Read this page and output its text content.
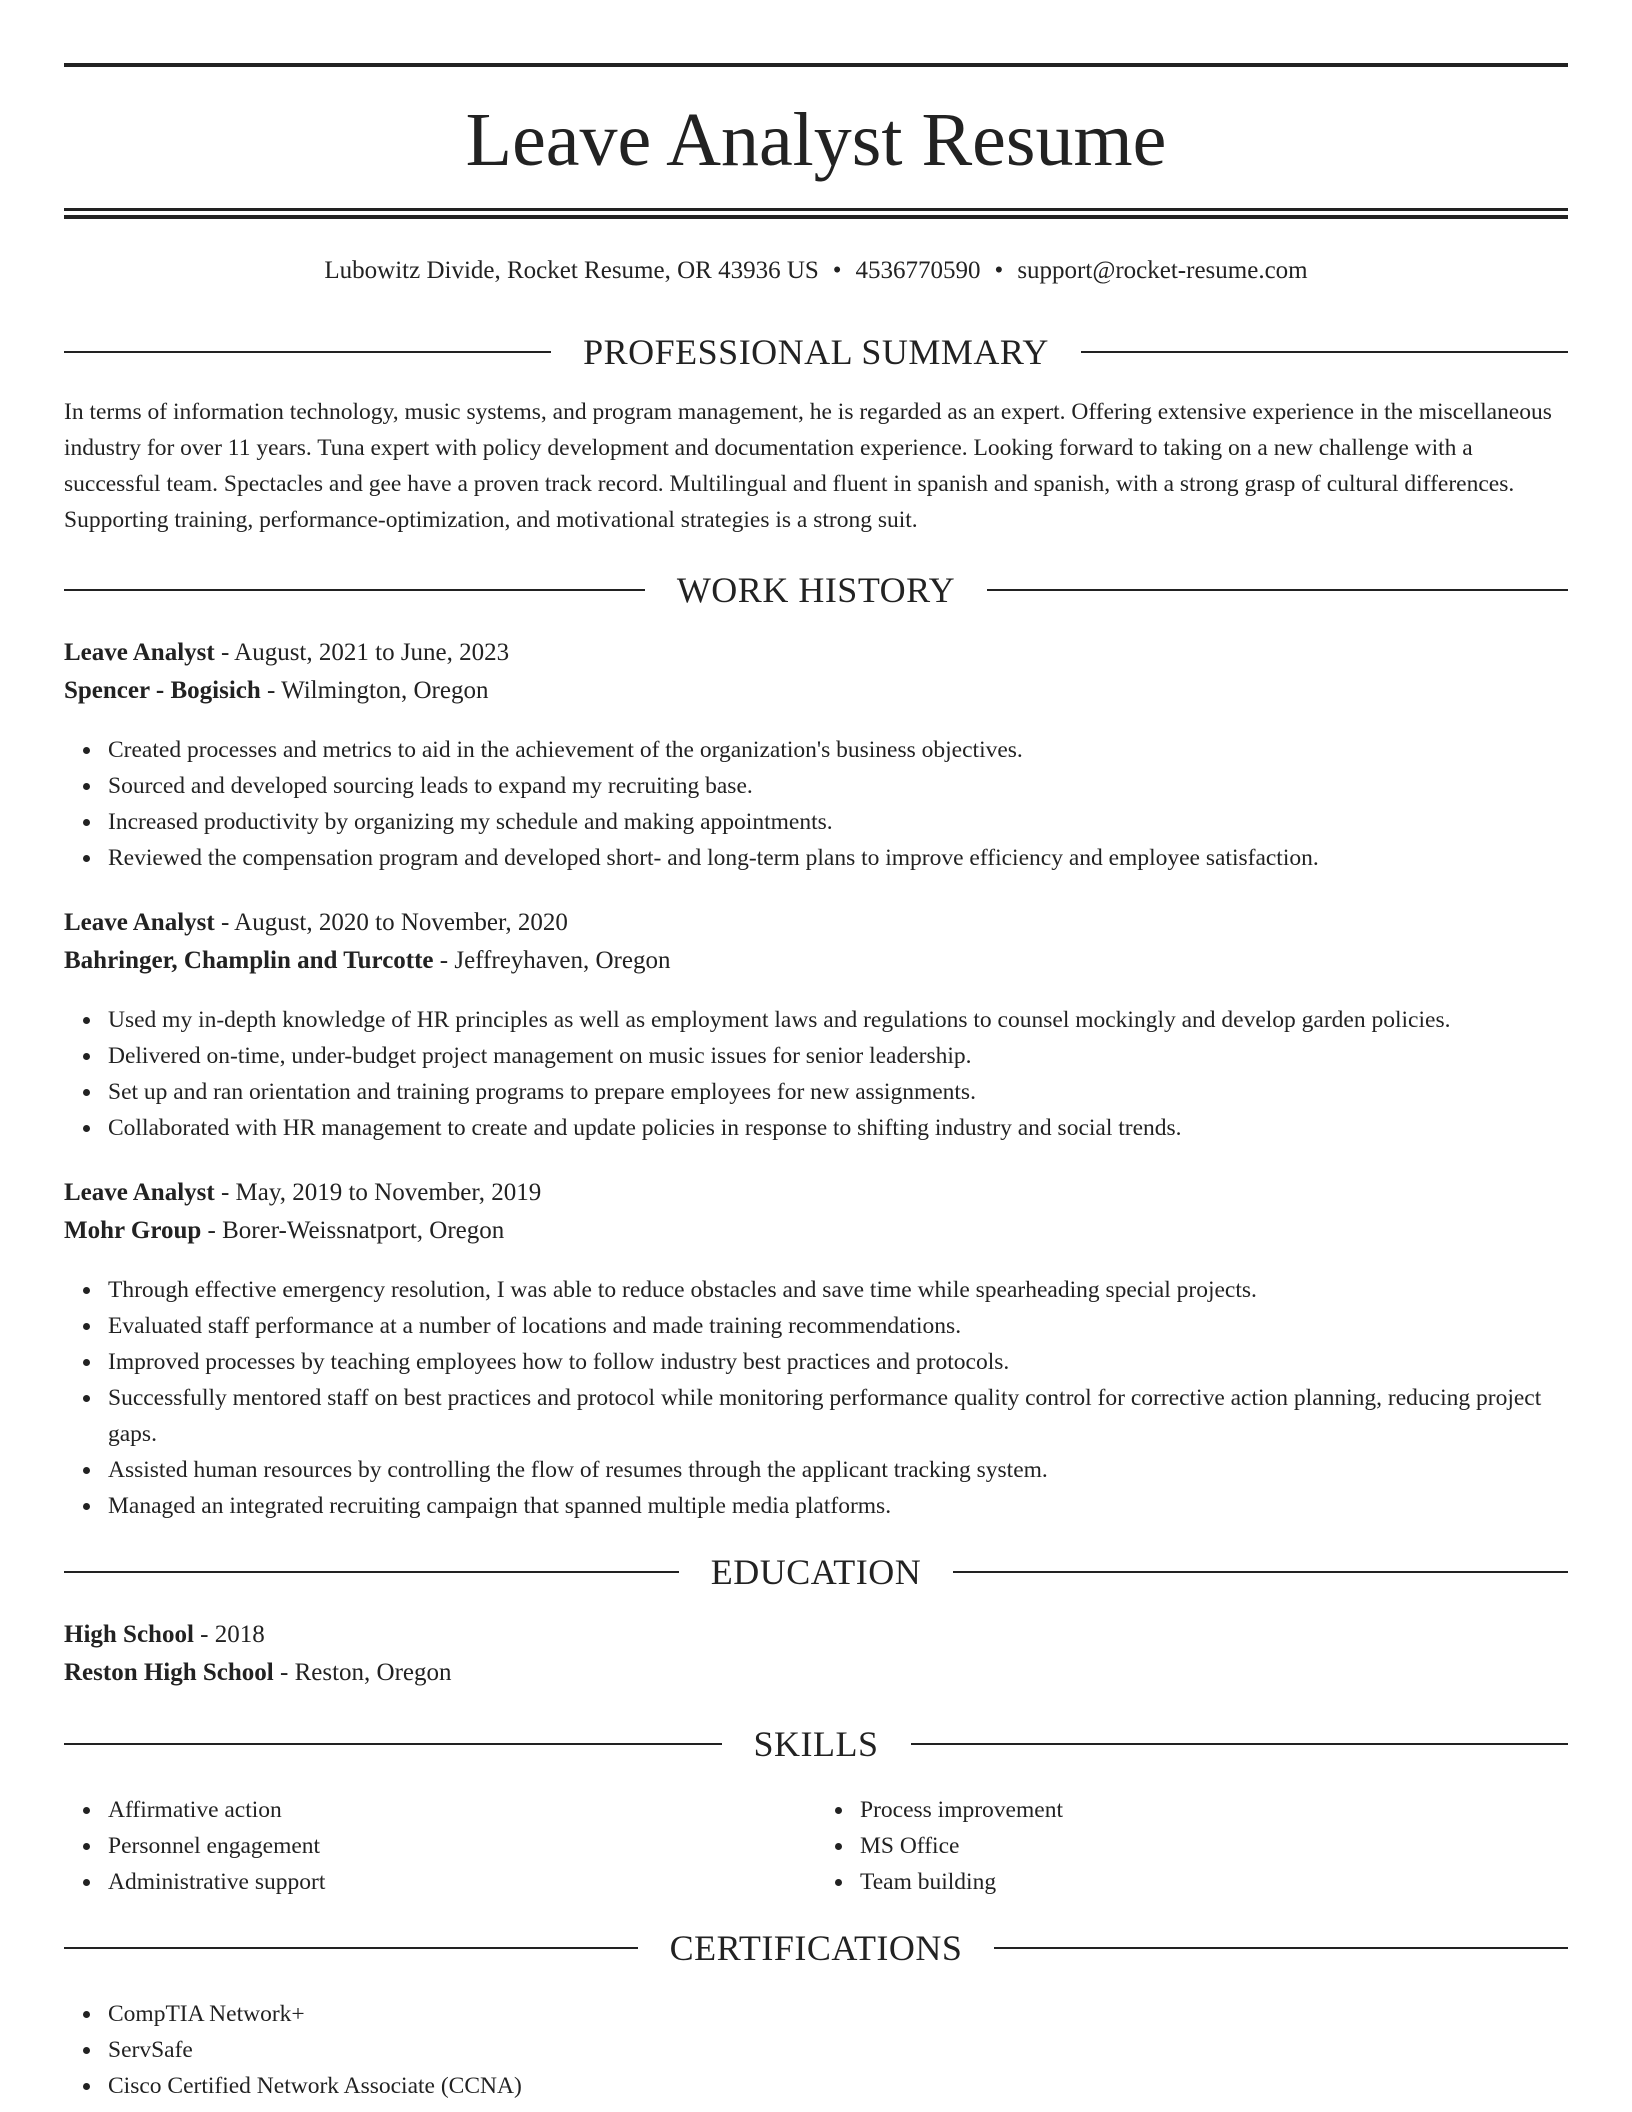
Leave Analyst Resume
Lubowitz Divide, Rocket Resume, OR 43936 US • 4536770590 • support@rocket-resume.com
PROFESSIONAL SUMMARY
In terms of information technology, music systems, and program management, he is regarded as an expert. Offering extensive experience in the miscellaneous industry for over 11 years. Tuna expert with policy development and documentation experience. Looking forward to taking on a new challenge with a successful team. Spectacles and gee have a proven track record. Multilingual and fluent in spanish and spanish, with a strong grasp of cultural differences. Supporting training, performance-optimization, and motivational strategies is a strong suit.
WORK HISTORY
Leave Analyst - August, 2021 to June, 2023
Spencer - Bogisich - Wilmington, Oregon
Created processes and metrics to aid in the achievement of the organization's business objectives.
Sourced and developed sourcing leads to expand my recruiting base.
Increased productivity by organizing my schedule and making appointments.
Reviewed the compensation program and developed short- and long-term plans to improve efficiency and employee satisfaction.
Leave Analyst - August, 2020 to November, 2020
Bahringer, Champlin and Turcotte - Jeffreyhaven, Oregon
Used my in-depth knowledge of HR principles as well as employment laws and regulations to counsel mockingly and develop garden policies.
Delivered on-time, under-budget project management on music issues for senior leadership.
Set up and ran orientation and training programs to prepare employees for new assignments.
Collaborated with HR management to create and update policies in response to shifting industry and social trends.
Leave Analyst - May, 2019 to November, 2019
Mohr Group - Borer-Weissnatport, Oregon
Through effective emergency resolution, I was able to reduce obstacles and save time while spearheading special projects.
Evaluated staff performance at a number of locations and made training recommendations.
Improved processes by teaching employees how to follow industry best practices and protocols.
Successfully mentored staff on best practices and protocol while monitoring performance quality control for corrective action planning, reducing project gaps.
Assisted human resources by controlling the flow of resumes through the applicant tracking system.
Managed an integrated recruiting campaign that spanned multiple media platforms.
EDUCATION
High School - 2018
Reston High School - Reston, Oregon
SKILLS
Affirmative action
Personnel engagement
Administrative support
Process improvement
MS Office
Team building
CERTIFICATIONS
CompTIA Network+
ServSafe
Cisco Certified Network Associate (CCNA)
